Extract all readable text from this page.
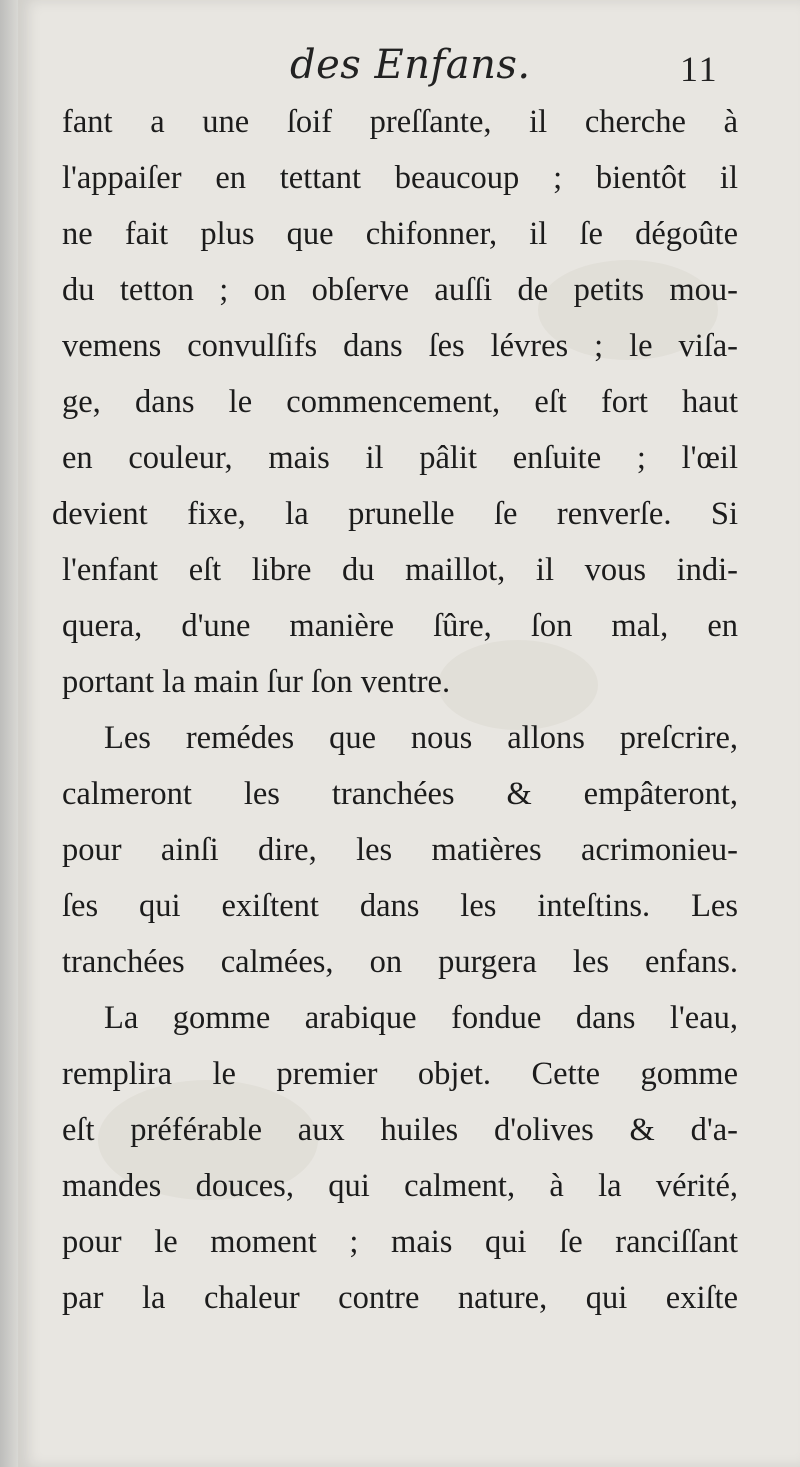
des Enfans.	11
fant a une ſoif preſſante, il cherche à
l'appaiſer en tettant beaucoup ; bientôt il
ne fait plus que chifonner, il ſe dégoûte
du tetton ; on obſerve auſſi de petits mou-
vemens convulſifs dans ſes lévres ; le viſa-
ge, dans le commencement, eſt fort haut
en couleur, mais il pâlit enſuite ; l'œil
devient fixe, la prunelle ſe renverſe. Si
l'enfant eſt libre du maillot, il vous indi-
quera, d'une manière ſûre, ſon mal, en
portant la main ſur ſon ventre.
Les remédes que nous allons preſcrire,
calmeront les tranchées & empâteront,
pour ainſi dire, les matières acrimonieu-
ſes qui exiſtent dans les inteſtins. Les
tranchées calmées, on purgera les enfans.
La gomme arabique fondue dans l'eau,
remplira le premier objet. Cette gomme
eſt préférable aux huiles d'olives & d'a-
mandes douces, qui calment, à la vérité,
pour le moment ; mais qui ſe ranciſſant
par la chaleur contre nature, qui exiſte
